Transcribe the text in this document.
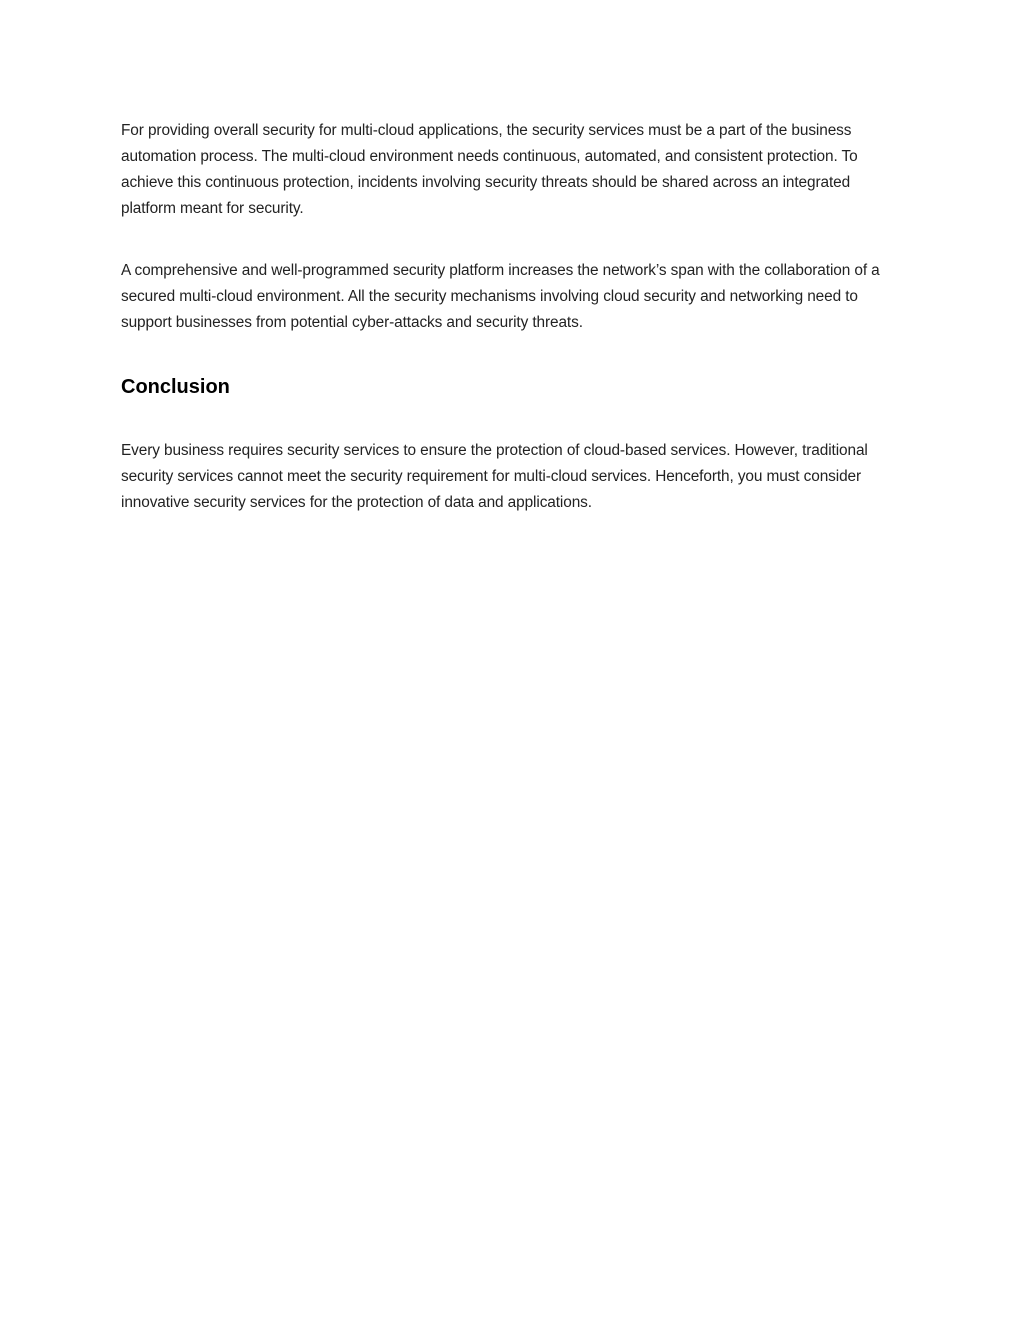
For providing overall security for multi-cloud applications, the security services must be a part of the business automation process. The multi-cloud environment needs continuous, automated, and consistent protection. To achieve this continuous protection, incidents involving security threats should be shared across an integrated platform meant for security.

A comprehensive and well-programmed security platform increases the network’s span with the collaboration of a secured multi-cloud environment. All the security mechanisms involving cloud security and networking need to support businesses from potential cyber-attacks and security threats.

Conclusion

Every business requires security services to ensure the protection of cloud-based services. However, traditional security services cannot meet the security requirement for multi-cloud services. Henceforth, you must consider innovative security services for the protection of data and applications.
